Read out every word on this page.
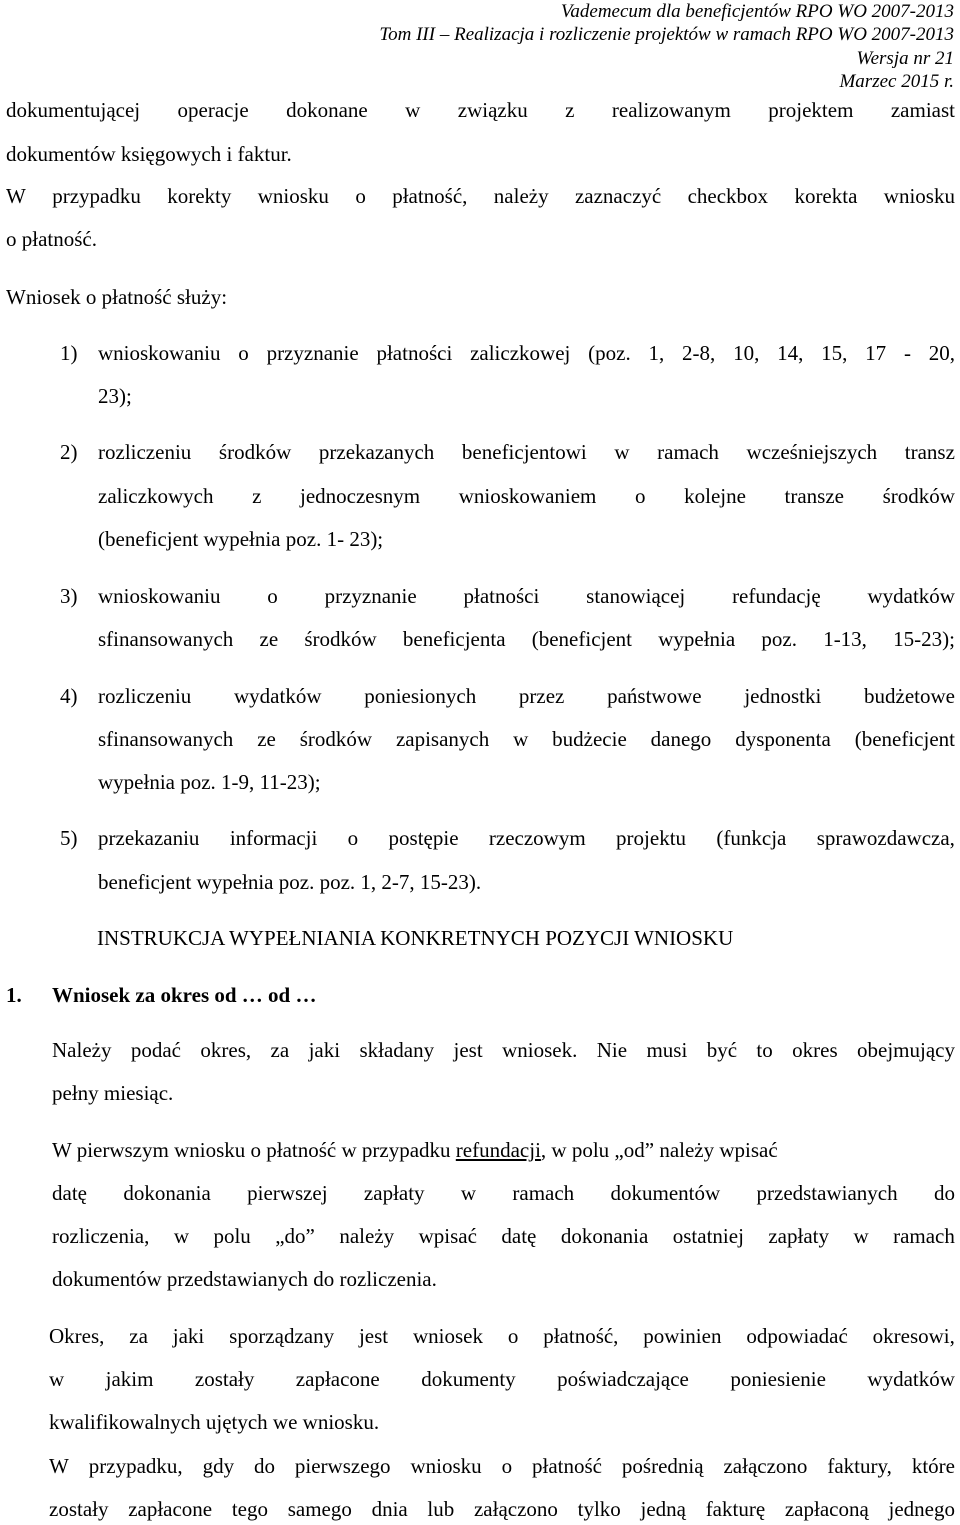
Vademecum dla beneficjentów RPO WO 2007-2013
Tom III – Realizacja i rozliczenie projektów w ramach RPO WO 2007-2013
Wersja nr 21
Marzec 2015 r.
dokumentującej operacje dokonane w związku z realizowanym projektem zamiast
dokumentów księgowych i faktur.
W przypadku korekty wniosku o płatność, należy zaznaczyć checkbox korekta wniosku
o płatność.
Wniosek o płatność służy:
1) wnioskowaniu o przyznanie płatności zaliczkowej (poz. 1, 2-8, 10, 14, 15, 17 - 20,
23);
2) rozliczeniu środków przekazanych beneficjentowi w ramach wcześniejszych transz
zaliczkowych z jednoczesnym wnioskowaniem o kolejne transze środków
(beneficjent wypełnia poz. 1- 23);
3) wnioskowaniu o przyznanie płatności stanowiącej refundację wydatków
sfinansowanych ze środków beneficjenta (beneficjent wypełnia poz. 1-13, 15-23);
4) rozliczeniu wydatków poniesionych przez państwowe jednostki budżetowe
sfinansowanych ze środków zapisanych w budżecie danego dysponenta (beneficjent
wypełnia poz. 1-9, 11-23);
5) przekazaniu informacji o postępie rzeczowym projektu (funkcja sprawozdawcza,
beneficjent wypełnia poz. poz. 1, 2-7, 15-23).
INSTRUKCJA WYPEŁNIANIA KONKRETNYCH POZYCJI WNIOSKU
1. Wniosek za okres od … od …
Należy podać okres, za jaki składany jest wniosek. Nie musi być to okres obejmujący
pełny miesiąc.
W pierwszym wniosku o płatność w przypadku refundacji, w polu „od” należy wpisać
datę dokonania pierwszej zapłaty w ramach dokumentów przedstawianych do
rozliczenia, w polu „do” należy wpisać datę dokonania ostatniej zapłaty w ramach
dokumentów przedstawianych do rozliczenia.
Okres, za jaki sporządzany jest wniosek o płatność, powinien odpowiadać okresowi,
w jakim zostały zapłacone dokumenty poświadczające poniesienie wydatków
kwalifikowalnych ujętych we wniosku.
W przypadku, gdy do pierwszego wniosku o płatność pośrednią załączono faktury, które
zostały zapłacone tego samego dnia lub załączono tylko jedną fakturę zapłaconą jednego
